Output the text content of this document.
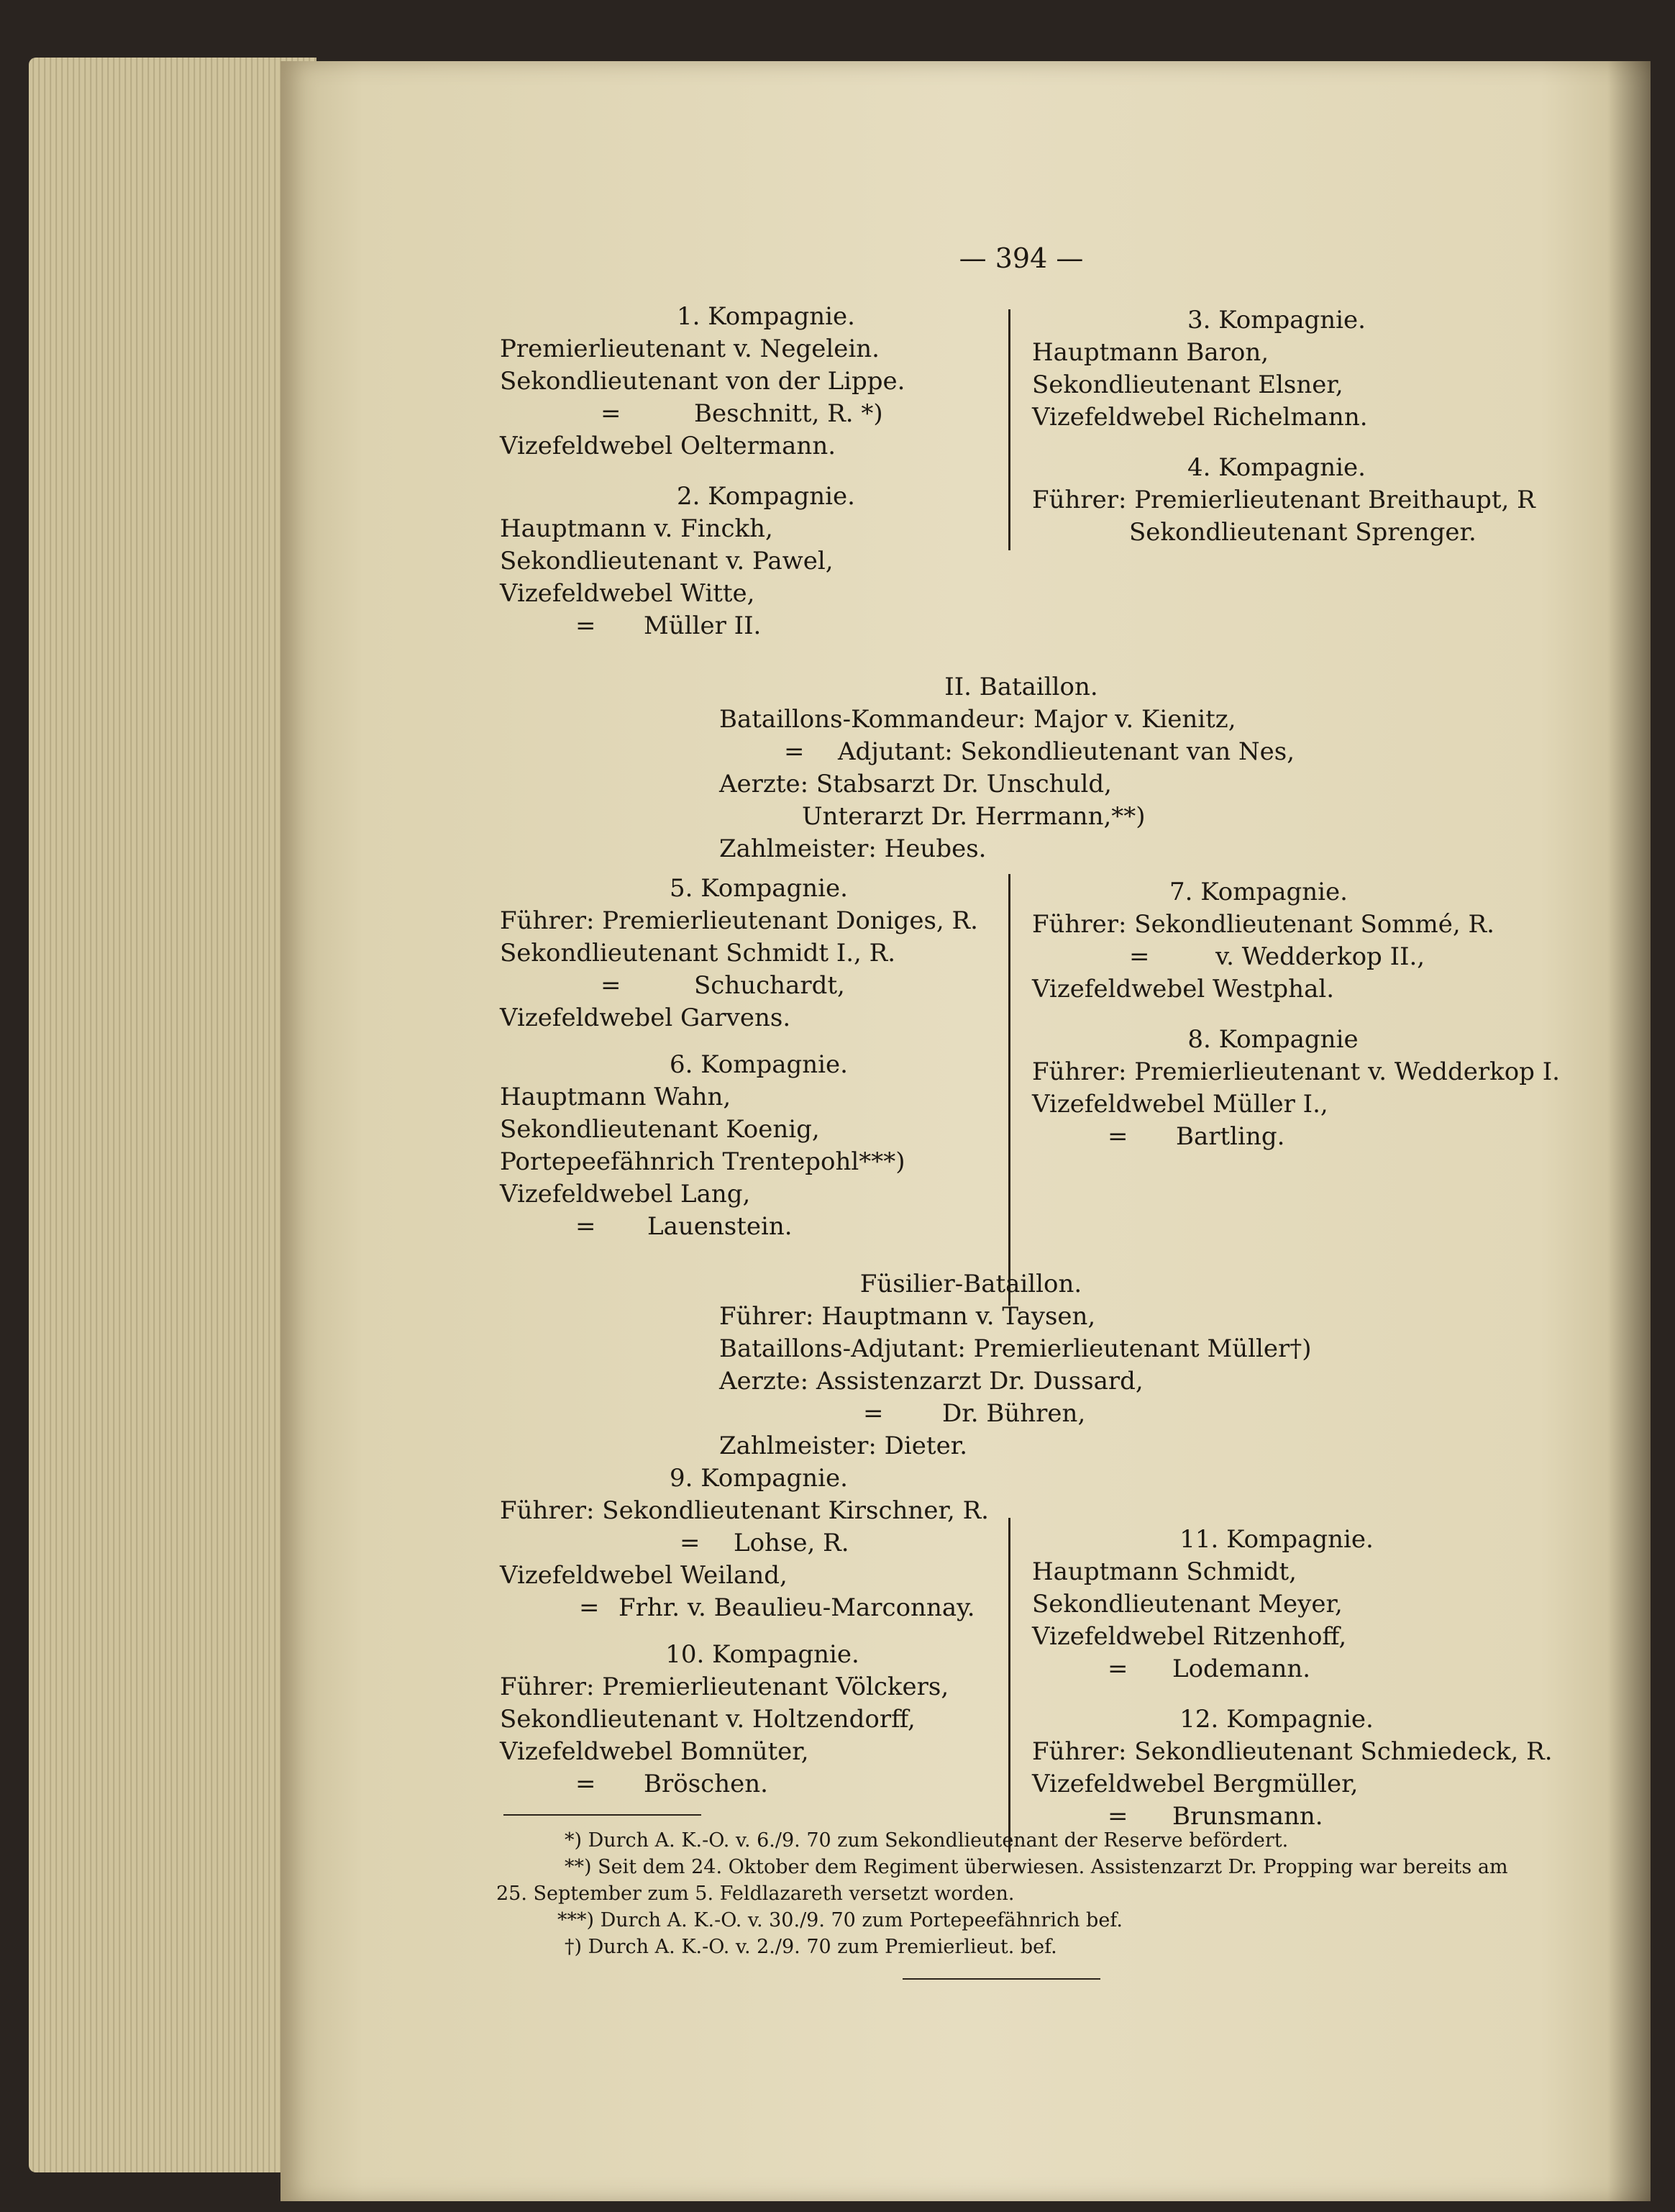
— 394 —
1. Kompagnie.
Premierlieutenant v. Negelein.
Sekondlieutenant von der Lippe.
=	Beschnitt, R. *)
Vizefeldwebel Oeltermann.
2. Kompagnie.
Hauptmann v. Finckh,
Sekondlieutenant v. Pawel,
Vizefeldwebel Witte,
= Müller II.
3. Kompagnie.
Hauptmann Baron,
Sekondlieutenant Elsner,
Vizefeldwebel Richelmann.
4. Kompagnie.
Führer: Premierlieutenant Breithaupt, R
Sekondlieutenant Sprenger.
II. Bataillon.
Bataillons-Kommandeur: Major v. Kienitz,
= Adjutant: Sekondlieutenant van Nes,
Aerzte: Stabsarzt Dr. Unschuld,
Unterarzt Dr. Herrmann,**)
Zahlmeister: Heubes.
5. Kompagnie.
Führer: Premierlieutenant Doniges, R.
Sekondlieutenant Schmidt I., R.
=	Schuchardt,
Vizefeldwebel Garvens.
6. Kompagnie.
Hauptmann Wahn,
Sekondlieutenant Koenig,
Portepeefähnrich Trentepohl***)
Vizefeldwebel Lang,
= Lauenstein.
7. Kompagnie.
Führer: Sekondlieutenant Sommé, R.
=	v. Wedderkop II.,
Vizefeldwebel Westphal.
8. Kompagnie
Führer: Premierlieutenant v. Wedderkop I.
Vizefeldwebel Müller I.,
= Bartling.
Füsilier-Bataillon.
Führer: Hauptmann v. Taysen,
Bataillons-Adjutant: Premierlieutenant Müller†)
Aerzte: Assistenzarzt Dr. Dussard,
= Dr. Bühren,
Zahlmeister: Dieter.
9. Kompagnie.
Führer: Sekondlieutenant Kirschner, R.
= Lohse, R.
Vizefeldwebel Weiland,
= Frhr. v. Beaulieu-Marconnay.
10. Kompagnie.
Führer: Premierlieutenant Völckers,
Sekondlieutenant v. Holtzendorff,
Vizefeldwebel Bomnüter,
= Bröschen.
11. Kompagnie.
Hauptmann Schmidt,
Sekondlieutenant Meyer,
Vizefeldwebel Ritzenhoff,
= Lodemann.
12. Kompagnie.
Führer: Sekondlieutenant Schmiedeck, R.
Vizefeldwebel Bergmüller,
= Brunsmann.
*) Durch A. K.-O. v. 6./9. 70 zum Sekondlieutenant der Reserve befördert.
**) Seit dem 24. Oktober dem Regiment überwiesen. Assistenzarzt Dr. Propping war bereits am
25. September zum 5. Feldlazareth versetzt worden.
***) Durch A. K.-O. v. 30./9. 70 zum Portepeefähnrich bef.
†) Durch A. K.-O. v. 2./9. 70 zum Premierlieut. bef.
